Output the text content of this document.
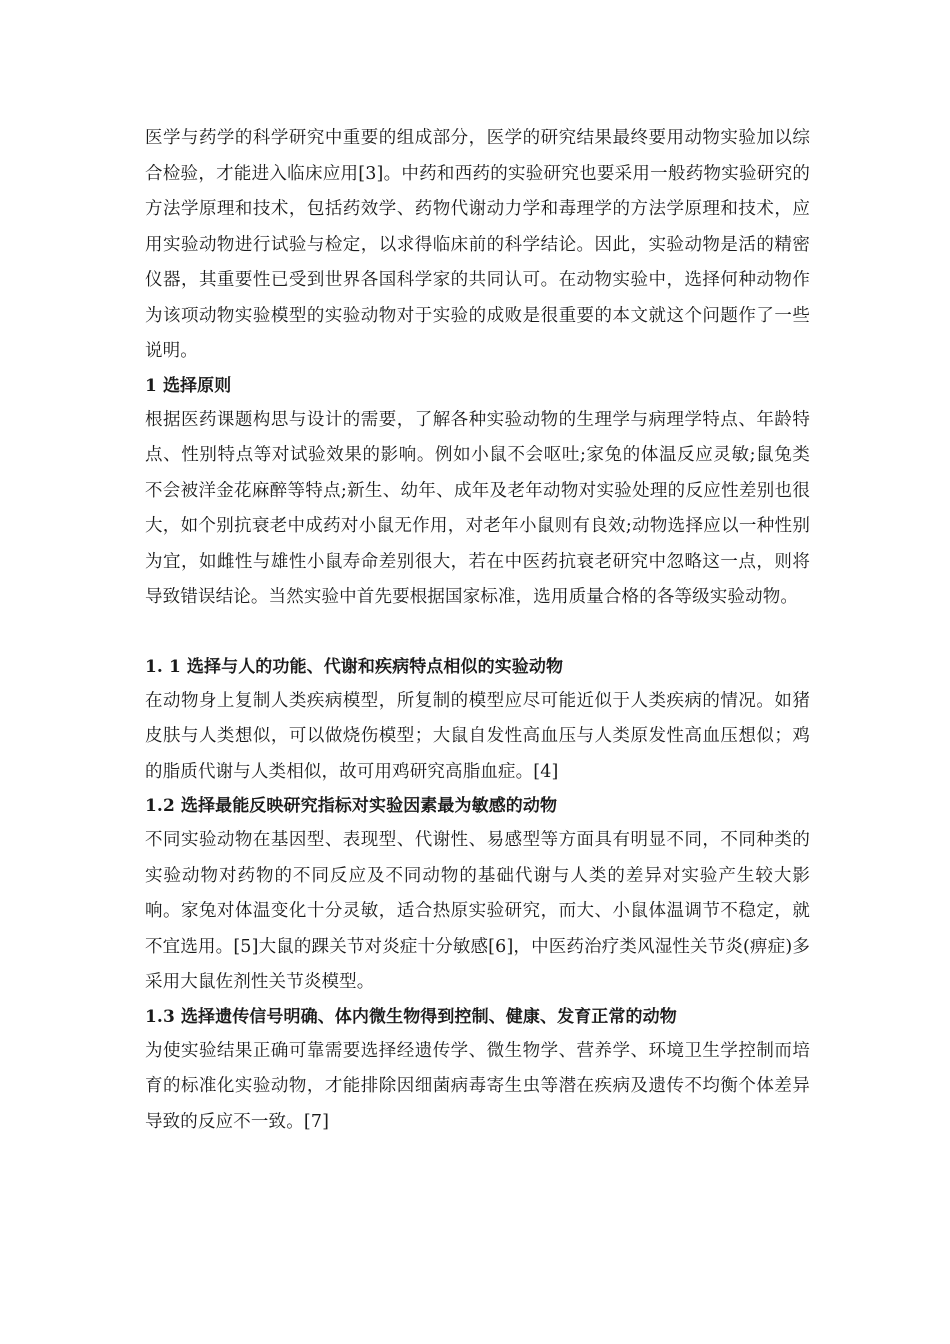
医学与药学的科学研究中重要的组成部分，医学的研究结果最终要用动物实验加以综合检验，才能进入临床应用[3]。中药和西药的实验研究也要采用一般药物实验研究的方法学原理和技术，包括药效学、药物代谢动力学和毒理学的方法学原理和技术，应用实验动物进行试验与检定，以求得临床前的科学结论。因此，实验动物是活的精密仪器，其重要性已受到世界各国科学家的共同认可。在动物实验中，选择何种动物作为该项动物实验模型的实验动物对于实验的成败是很重要的本文就这个问题作了一些说明。

1 选择原则

根据医药课题构思与设计的需要，了解各种实验动物的生理学与病理学特点、年龄特点、性别特点等对试验效果的影响。例如小鼠不会呕吐;家兔的体温反应灵敏;鼠兔类不会被洋金花麻醉等特点;新生、幼年、成年及老年动物对实验处理的反应性差别也很大，如个别抗衰老中成药对小鼠无作用，对老年小鼠则有良效;动物选择应以一种性别为宜，如雌性与雄性小鼠寿命差别很大，若在中医药抗衰老研究中忽略这一点，则将导致错误结论。当然实验中首先要根据国家标准，选用质量合格的各等级实验动物。

1. 1 选择与人的功能、代谢和疾病特点相似的实验动物

在动物身上复制人类疾病模型，所复制的模型应尽可能近似于人类疾病的情况。如猪皮肤与人类想似，可以做烧伤模型；大鼠自发性高血压与人类原发性高血压想似；鸡的脂质代谢与人类相似，故可用鸡研究高脂血症。[4]

1.2 选择最能反映研究指标对实验因素最为敏感的动物

不同实验动物在基因型、表现型、代谢性、易感型等方面具有明显不同，不同种类的实验动物对药物的不同反应及不同动物的基础代谢与人类的差异对实验产生较大影响。家兔对体温变化十分灵敏，适合热原实验研究，而大、小鼠体温调节不稳定，就不宜选用。[5]大鼠的踝关节对炎症十分敏感[6]，中医药治疗类风湿性关节炎(痹症)多采用大鼠佐剂性关节炎模型。

1.3 选择遗传信号明确、体内微生物得到控制、健康、发育正常的动物

为使实验结果正确可靠需要选择经遗传学、微生物学、营养学、环境卫生学控制而培育的标准化实验动物，才能排除因细菌病毒寄生虫等潜在疾病及遗传不均衡个体差异导致的反应不一致。[7]
